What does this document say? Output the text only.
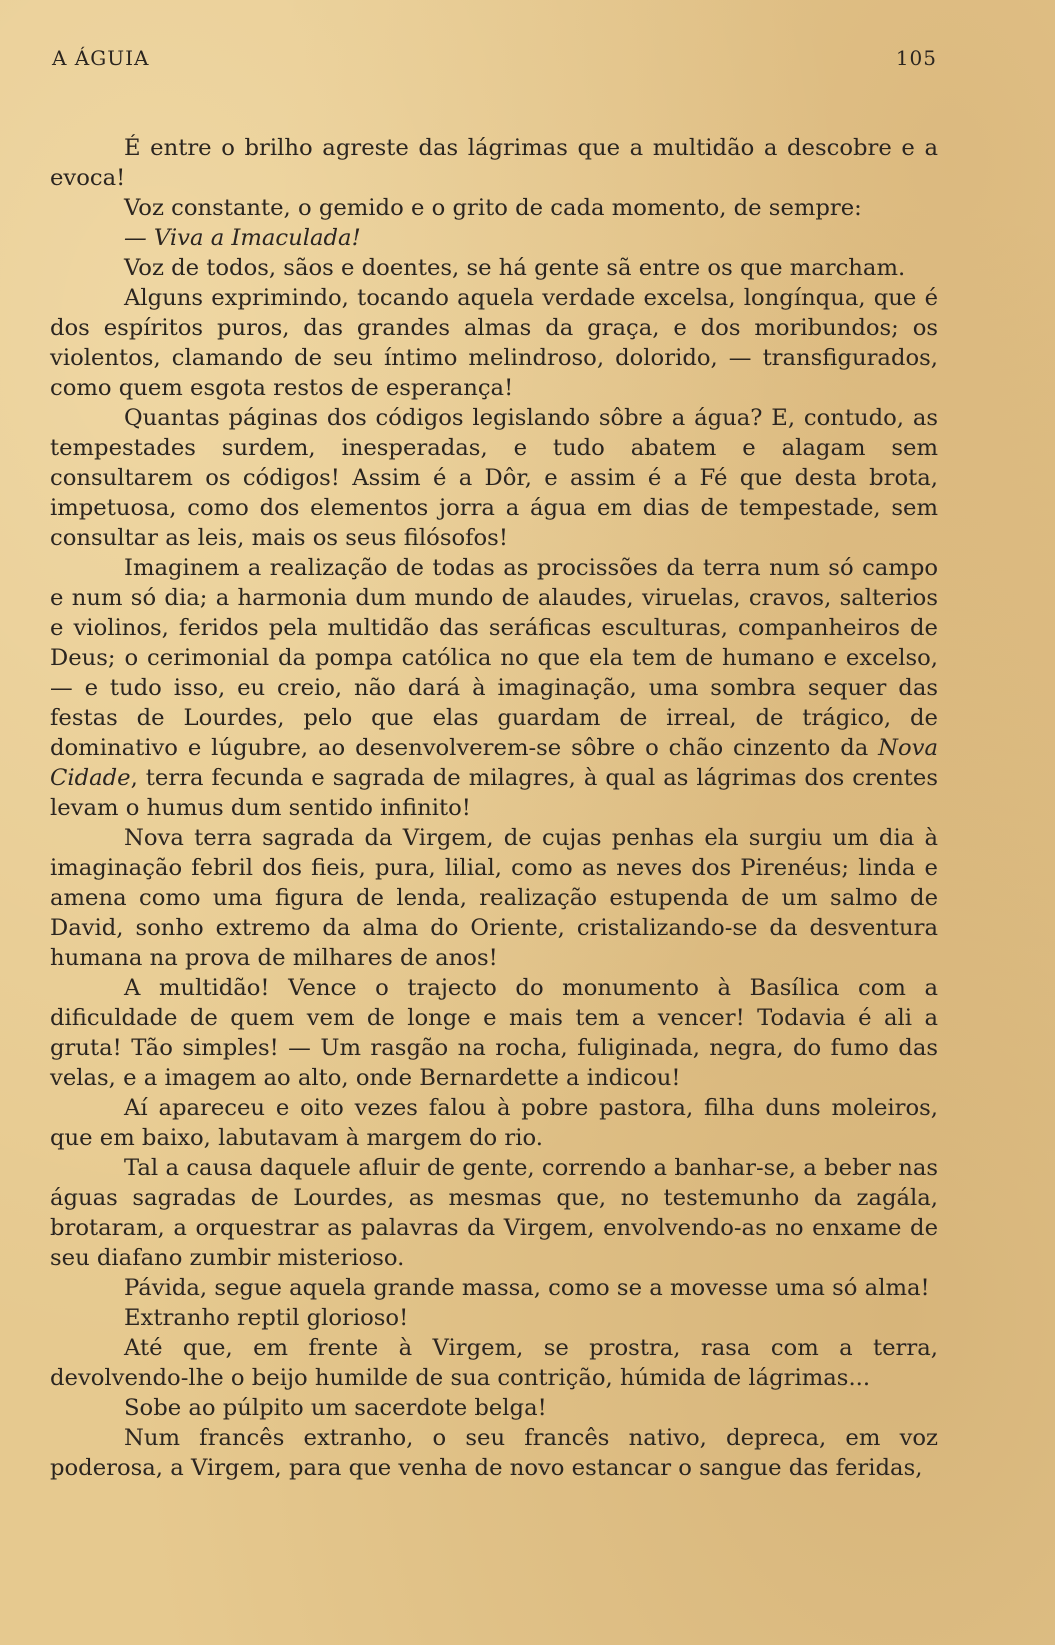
A ÁGUIA	105

É entre o brilho agreste das lágrimas que a multidão a descobre e a evoca!

Voz constante, o gemido e o grito de cada momento, de sempre:

— Viva a Imaculada!

Voz de todos, sãos e doentes, se há gente sã entre os que marcham.

Alguns exprimindo, tocando aquela verdade excelsa, longínqua, que é dos espíritos puros, das grandes almas da graça, e dos moribundos; os violentos, clamando de seu íntimo melindroso, dolorido, — transfigurados, como quem esgota restos de esperança!

Quantas páginas dos códigos legislando sôbre a água? E, contudo, as tempestades surdem, inesperadas, e tudo abatem e alagam sem consultarem os códigos! Assim é a Dôr, e assim é a Fé que desta brota, impetuosa, como dos elementos jorra a água em dias de tempestade, sem consultar as leis, mais os seus filósofos!

Imaginem a realização de todas as procissões da terra num só campo e num só dia; a harmonia dum mundo de alaudes, viruelas, cravos, salterios e violinos, feridos pela multidão das seráficas esculturas, companheiros de Deus; o cerimonial da pompa católica no que ela tem de humano e excelso, — e tudo isso, eu creio, não dará à imaginação, uma sombra sequer das festas de Lourdes, pelo que elas guardam de irreal, de trágico, de dominativo e lúgubre, ao desenvolverem-se sôbre o chão cinzento da Nova Cidade, terra fecunda e sagrada de milagres, à qual as lágrimas dos crentes levam o humus dum sentido infinito!

Nova terra sagrada da Virgem, de cujas penhas ela surgiu um dia à imaginação febril dos fieis, pura, lilial, como as neves dos Pirenéus; linda e amena como uma figura de lenda, realização estupenda de um salmo de David, sonho extremo da alma do Oriente, cristalizando-se da desventura humana na prova de milhares de anos!

A multidão! Vence o trajecto do monumento à Basílica com a dificuldade de quem vem de longe e mais tem a vencer! Todavia é ali a gruta! Tão simples! — Um rasgão na rocha, fuliginada, negra, do fumo das velas, e a imagem ao alto, onde Bernardette a indicou!

Aí apareceu e oito vezes falou à pobre pastora, filha duns moleiros, que em baixo, labutavam à margem do rio.

Tal a causa daquele afluir de gente, correndo a banhar-se, a beber nas águas sagradas de Lourdes, as mesmas que, no testemunho da zagála, brotaram, a orquestrar as palavras da Virgem, envolvendo-as no enxame de seu diafano zumbir misterioso.

Pávida, segue aquela grande massa, como se a movesse uma só alma!

Extranho reptil glorioso!

Até que, em frente à Virgem, se prostra, rasa com a terra, devolvendo-lhe o beijo humilde de sua contrição, húmida de lágrimas...

Sobe ao púlpito um sacerdote belga!

Num francês extranho, o seu francês nativo, depreca, em voz poderosa, a Virgem, para que venha de novo estancar o sangue das feridas,
